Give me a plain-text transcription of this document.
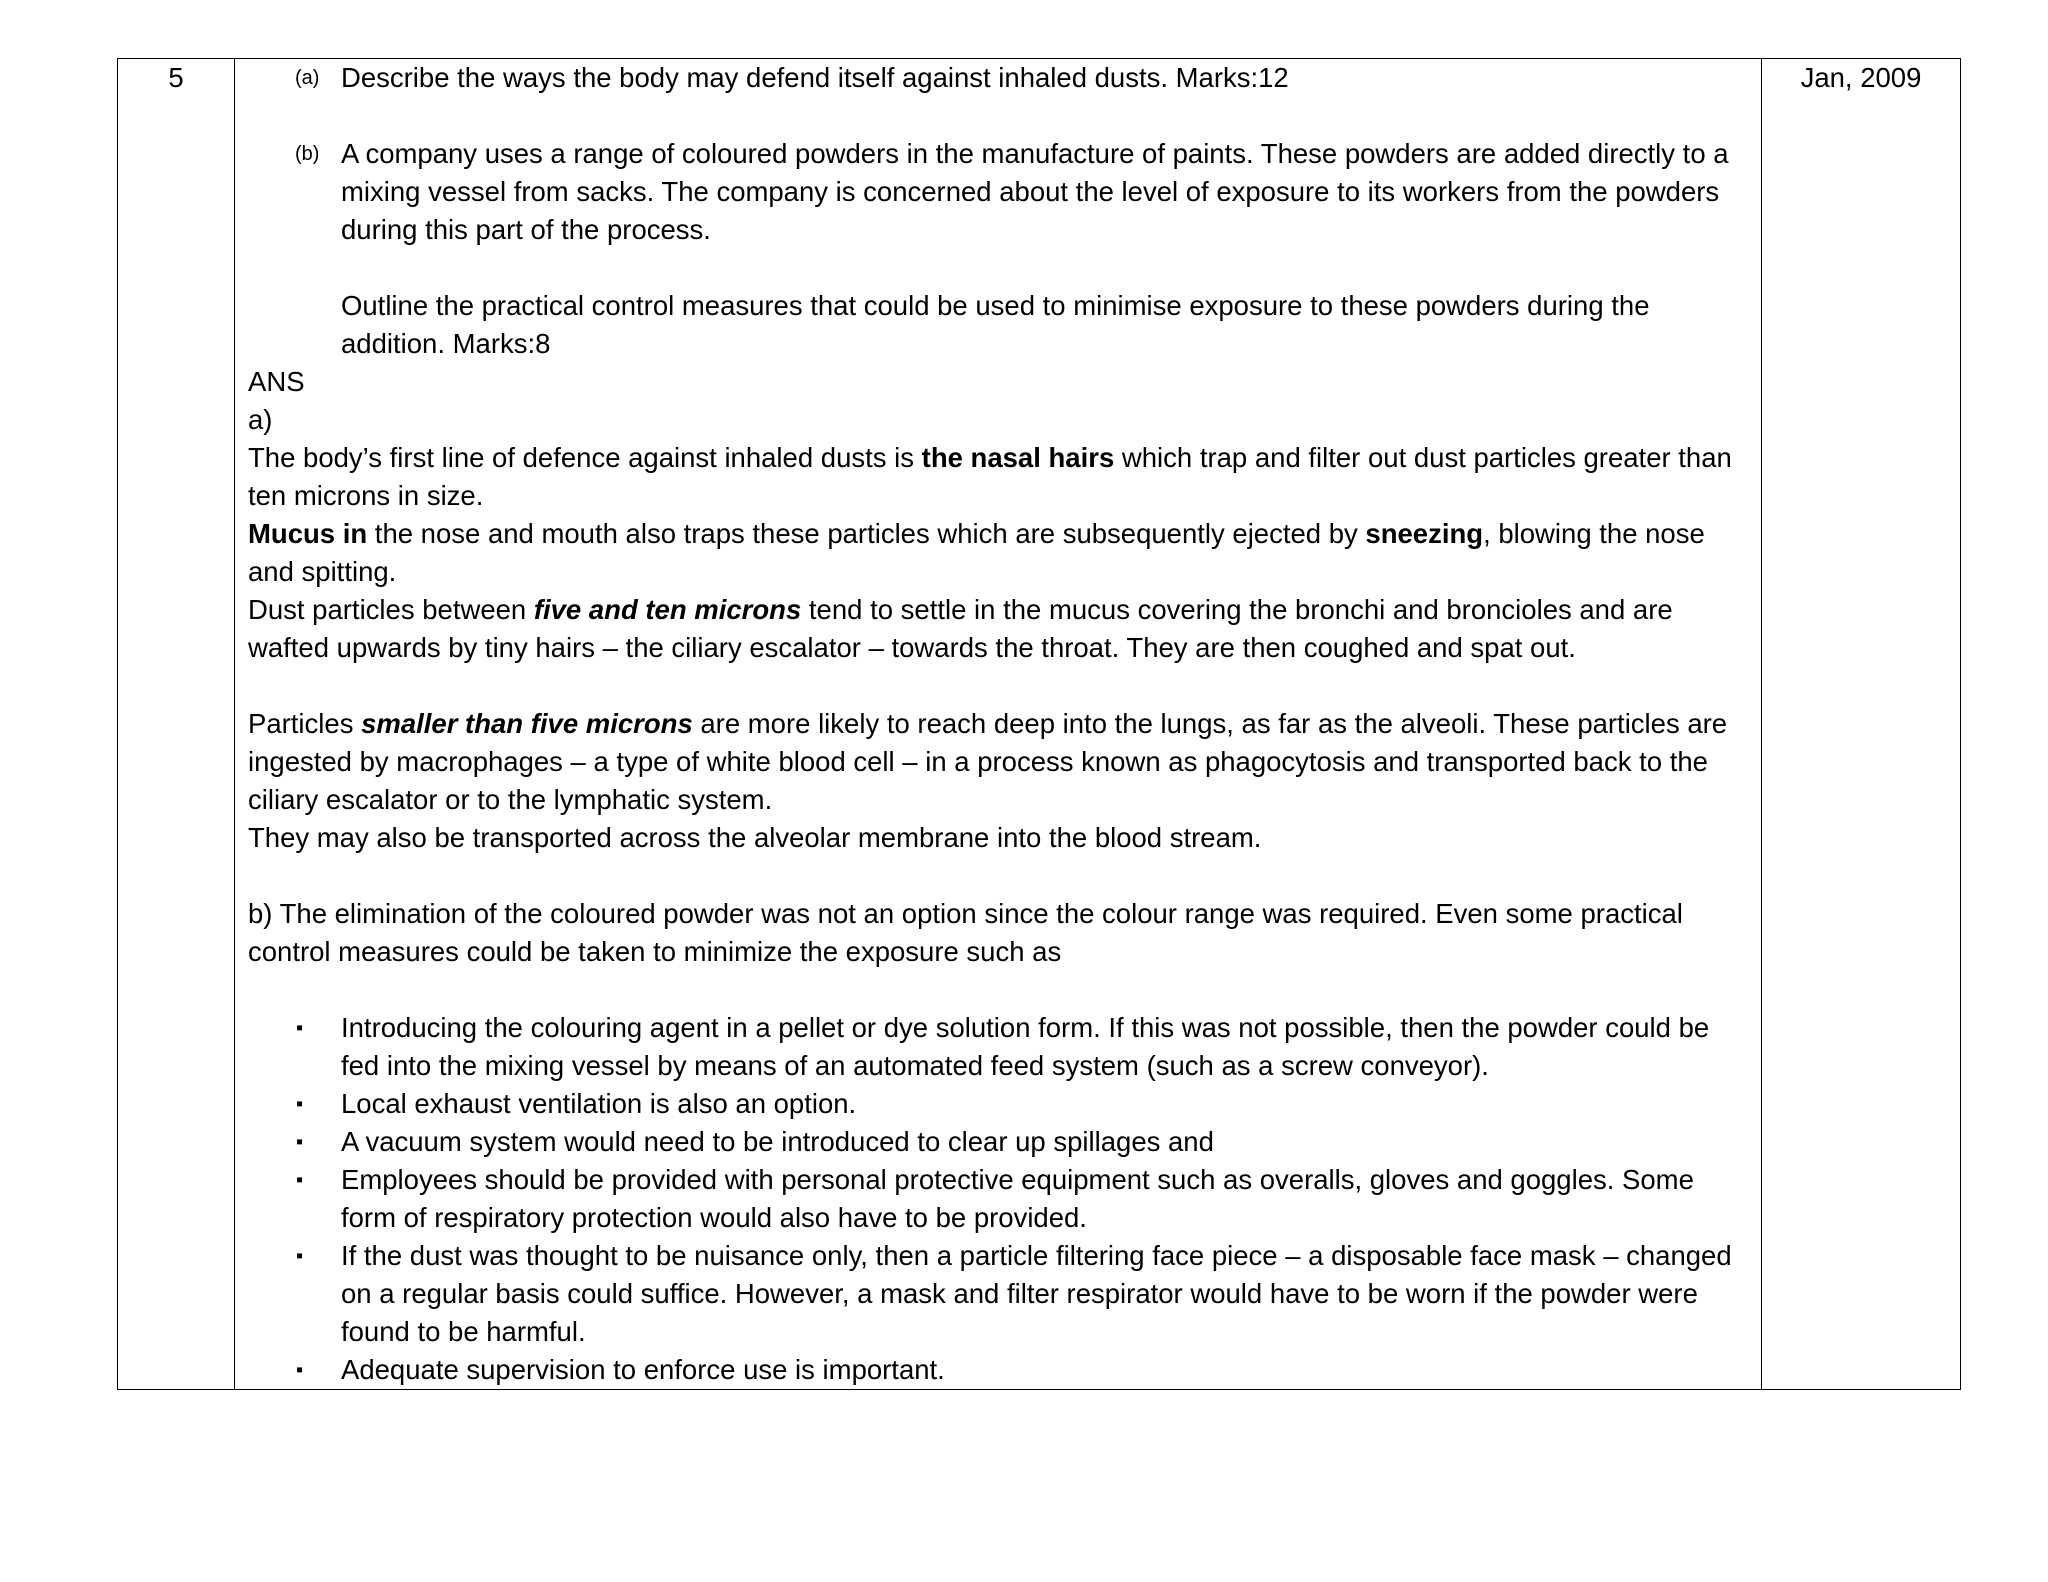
5	(a) Describe the ways the body may defend itself against inhaled dusts. Marks:12
(b) A company uses a range of coloured powders in the manufacture of paints. These powders are added directly to a mixing vessel from sacks. The company is concerned about the level of exposure to its workers from the powders during this part of the process.
Outline the practical control measures that could be used to minimise exposure to these powders during the addition. Marks:8
ANS
a)
The body’s first line of defence against inhaled dusts is the nasal hairs which trap and filter out dust particles greater than ten microns in size.
Mucus in the nose and mouth also traps these particles which are subsequently ejected by sneezing, blowing the nose and spitting.
Dust particles between five and ten microns tend to settle in the mucus covering the bronchi and broncioles and are wafted upwards by tiny hairs – the ciliary escalator – towards the throat. They are then coughed and spat out.
Particles smaller than five microns are more likely to reach deep into the lungs, as far as the alveoli. These particles are ingested by macrophages – a type of white blood cell – in a process known as phagocytosis and transported back to the ciliary escalator or to the lymphatic system.
They may also be transported across the alveolar membrane into the blood stream.
b) The elimination of the coloured powder was not an option since the colour range was required. Even some practical control measures could be taken to minimize the exposure such as
▪	Introducing the colouring agent in a pellet or dye solution form. If this was not possible, then the powder could be fed into the mixing vessel by means of an automated feed system (such as a screw conveyor).
▪	Local exhaust ventilation is also an option.
▪	A vacuum system would need to be introduced to clear up spillages and
▪	Employees should be provided with personal protective equipment such as overalls, gloves and goggles. Some form of respiratory protection would also have to be provided.
▪	If the dust was thought to be nuisance only, then a particle filtering face piece – a disposable face mask – changed on a regular basis could suffice. However, a mask and filter respirator would have to be worn if the powder were found to be harmful.
▪	Adequate supervision to enforce use is important.
	Jan, 2009
